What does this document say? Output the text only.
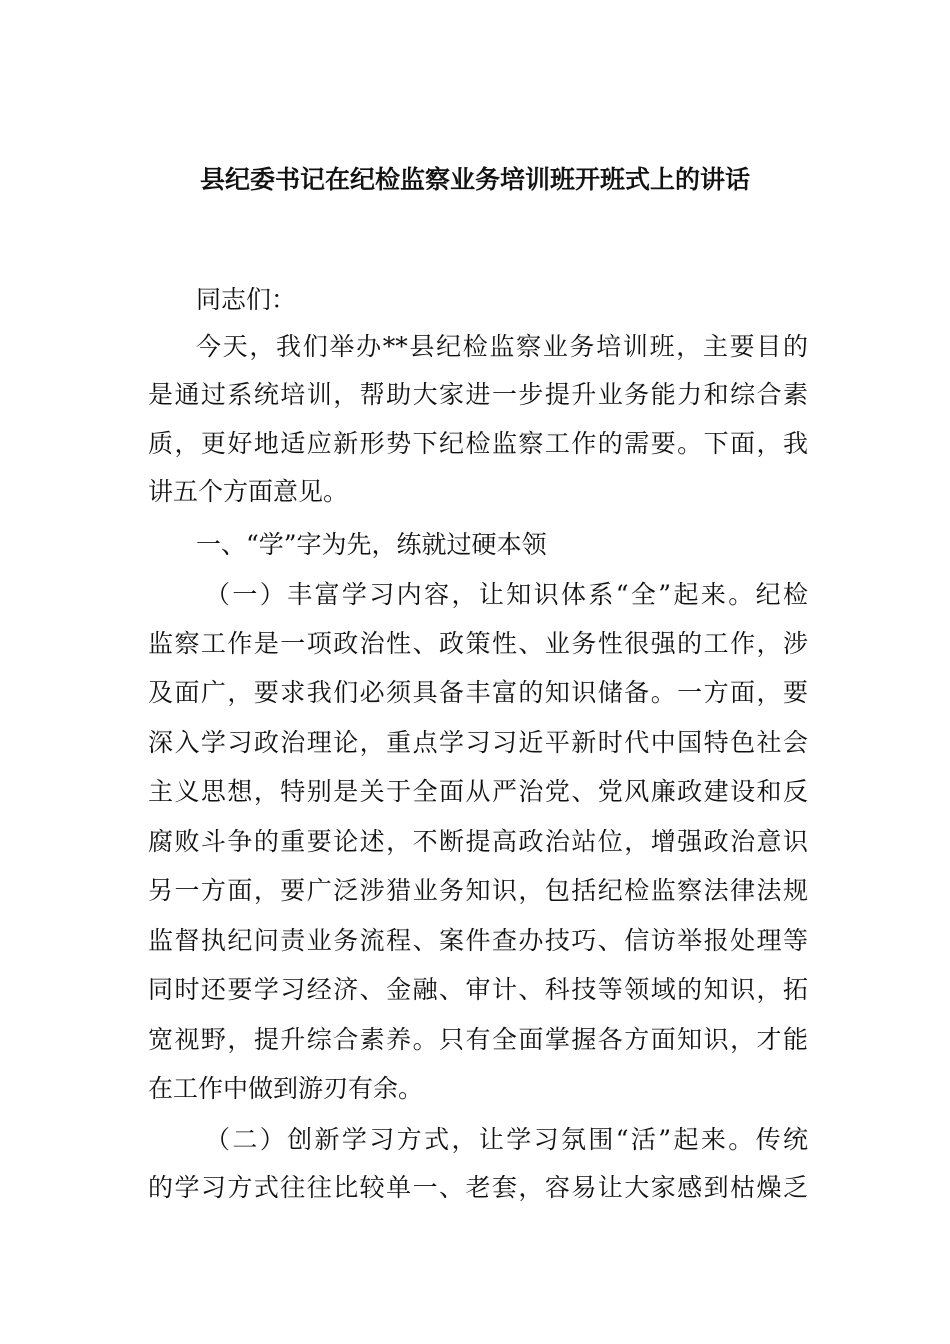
县纪委书记在纪检监察业务培训班开班式上的讲话
同志们：
今天，我们举办**县纪检监察业务培训班，主要目的
是通过系统培训，帮助大家进一步提升业务能力和综合素
质，更好地适应新形势下纪检监察工作的需要。下面，我
讲五个方面意见。
一、“学”字为先，练就过硬本领
（一）丰富学习内容，让知识体系“全”起来。纪检
监察工作是一项政治性、政策性、业务性很强的工作，涉
及面广，要求我们必须具备丰富的知识储备。一方面，要
深入学习政治理论，重点学习习近平新时代中国特色社会
主义思想，特别是关于全面从严治党、党风廉政建设和反
腐败斗争的重要论述，不断提高政治站位，增强政治意识
另一方面，要广泛涉猎业务知识，包括纪检监察法律法规
监督执纪问责业务流程、案件查办技巧、信访举报处理等
同时还要学习经济、金融、审计、科技等领域的知识，拓
宽视野，提升综合素养。只有全面掌握各方面知识，才能
在工作中做到游刃有余。
（二）创新学习方式，让学习氛围“活”起来。传统
的学习方式往往比较单一、老套，容易让大家感到枯燥乏
